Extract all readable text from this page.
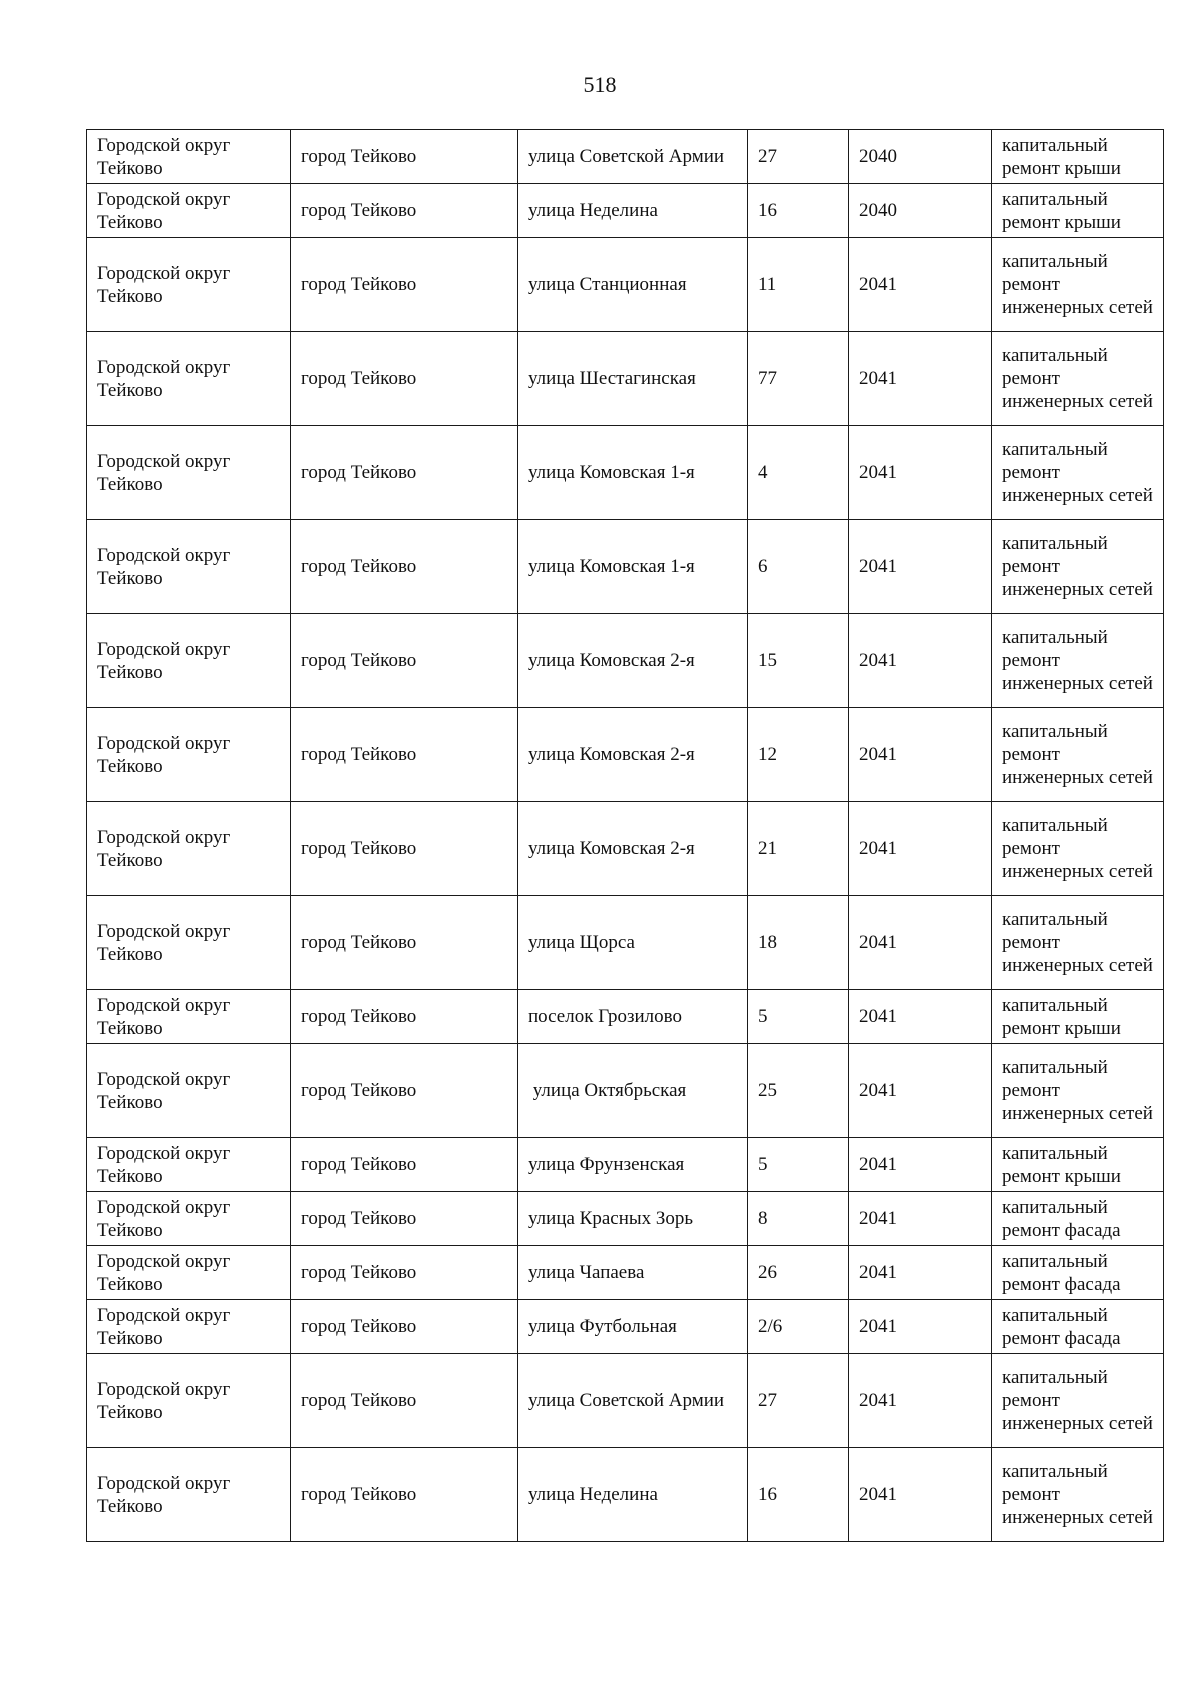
518
Городской округ Тейково	город Тейково	улица Советской Армии	27	2040	капитальный ремонт крыши
Городской округ Тейково	город Тейково	улица Неделина	16	2040	капитальный ремонт крыши
Городской округ Тейково	город Тейково	улица Станционная	11	2041	капитальный ремонт инженерных сетей
Городской округ Тейково	город Тейково	улица Шестагинская	77	2041	капитальный ремонт инженерных сетей
Городской округ Тейково	город Тейково	улица Комовская 1-я	4	2041	капитальный ремонт инженерных сетей
Городской округ Тейково	город Тейково	улица Комовская 1-я	6	2041	капитальный ремонт инженерных сетей
Городской округ Тейково	город Тейково	улица Комовская 2-я	15	2041	капитальный ремонт инженерных сетей
Городской округ Тейково	город Тейково	улица Комовская 2-я	12	2041	капитальный ремонт инженерных сетей
Городской округ Тейково	город Тейково	улица Комовская 2-я	21	2041	капитальный ремонт инженерных сетей
Городской округ Тейково	город Тейково	улица Щорса	18	2041	капитальный ремонт инженерных сетей
Городской округ Тейково	город Тейково	поселок Грозилово	5	2041	капитальный ремонт крыши
Городской округ Тейково	город Тейково	улица Октябрьская	25	2041	капитальный ремонт инженерных сетей
Городской округ Тейково	город Тейково	улица Фрунзенская	5	2041	капитальный ремонт крыши
Городской округ Тейково	город Тейково	улица Красных Зорь	8	2041	капитальный ремонт фасада
Городской округ Тейково	город Тейково	улица Чапаева	26	2041	капитальный ремонт фасада
Городской округ Тейково	город Тейково	улица Футбольная	2/6	2041	капитальный ремонт фасада
Городской округ Тейково	город Тейково	улица Советской Армии	27	2041	капитальный ремонт инженерных сетей
Городской округ Тейково	город Тейково	улица Неделина	16	2041	капитальный ремонт инженерных сетей
